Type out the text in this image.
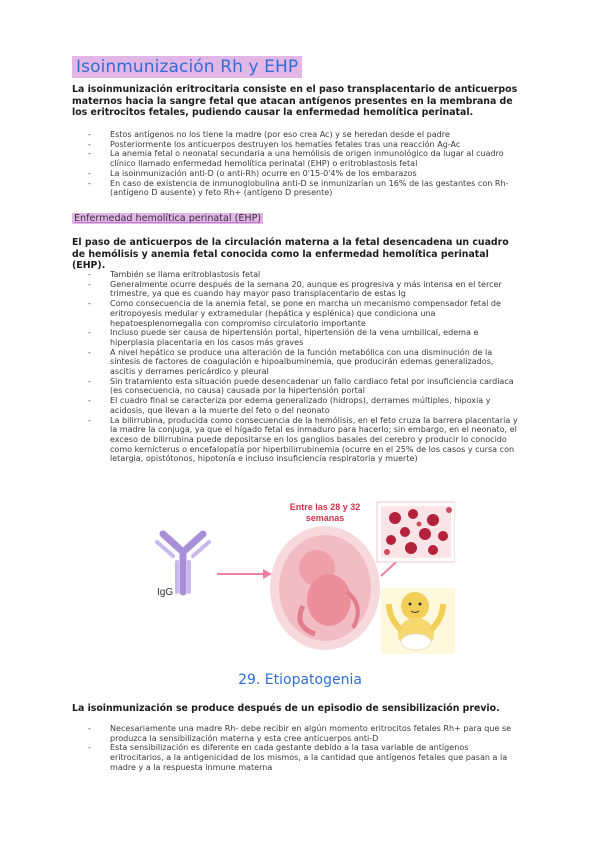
Isoinmunización Rh y EHP

La isoinmunización eritrocitaria consiste en el paso transplacentario de anticuerpos maternos hacia la sangre fetal que atacan antígenos presentes en la membrana de los eritrocitos fetales, pudiendo causar la enfermedad hemolítica perinatal.

- Estos antígenos no los tiene la madre (por eso crea Ac) y se heredan desde el padre
- Posteriormente los anticuerpos destruyen los hematíes fetales tras una reacción Ag-Ac
- La anemia fetal o neonatal secundaria a una hemólisis de origen inmunológico da lugar al cuadro clínico llamado enfermedad hemolítica perinatal (EHP) o eritroblastosis fetal
- La isoinmunización anti-D (o anti-Rh) ocurre en 0'15-0'4% de los embarazos
- En caso de existencia de inmunoglobulina anti-D se inmunizarían un 16% de las gestantes con Rh- (antígeno D ausente) y feto Rh+ (antígeno D presente)
Enfermedad hemolítica perinatal (EHP)

El paso de anticuerpos de la circulación materna a la fetal desencadena un cuadro de hemólisis y anemia fetal conocida como la enfermedad hemolítica perinatal (EHP).

- También se llama eritroblastosis fetal
- Generalmente ocurre después de la semana 20, aunque es progresiva y más intensa en el tercer trimestre, ya que es cuando hay mayor paso transplacentario de estas Ig
- Como consecuencia de la anemia fetal, se pone en marcha un mecanismo compensador fetal de eritropoyesis medular y extramedular (hepática y esplénica) que condiciona una hepatoesplenomegalia con compromiso circulatorio importante
- Incluso puede ser causa de hipertensión portal, hipertensión de la vena umbilical, edema e hiperplasia placentaria en los casos más graves
- A nivel hepático se produce una alteración de la función metabólica con una disminución de la síntesis de factores de coagulación e hipoalbuminemia, que producirán edemas generalizados, ascitis y derrames pericárdico y pleural
- Sin tratamiento esta situación puede desencadenar un fallo cardiaco fetal por insuficiencia cardiaca (es consecuencia, no causa) causada por la hipertensión portal
- El cuadro final se caracteriza por edema generalizado (hidrops), derrames múltiples, hipoxia y acidosis, que llevan a la muerte del feto o del neonato
- La bilirrubina, producida como consecuencia de la hemólisis, en el feto cruza la barrera placentaria y la madre la conjuga, ya que el hígado fetal es inmaduro para hacerlo; sin embargo, en el neonato, el exceso de bilirrubina puede depositarse en los ganglios basales del cerebro y producir lo conocido como kernicterus o encefalopatía por hiperbilirrubinemia (ocurre en el 25% de los casos y cursa con letargia, opistótonos, hipotonía e incluso insuficiencia respiratoria y muerte)
IgG
Entre las 28 y 32
semanas
29. Etiopatogenia

La isoinmunización se produce después de un episodio de sensibilización previo.

- Necesariamente una madre Rh- debe recibir en algún momento eritrocitos fetales Rh+ para que se produzca la sensibilización materna y esta cree anticuerpos anti-D
- Esta sensibilización es diferente en cada gestante debido a la tasa variable de antígenos eritrocitarios, a la antigenicidad de los mismos, a la cantidad que antígenos fetales que pasan a la madre y a la respuesta inmune materna
